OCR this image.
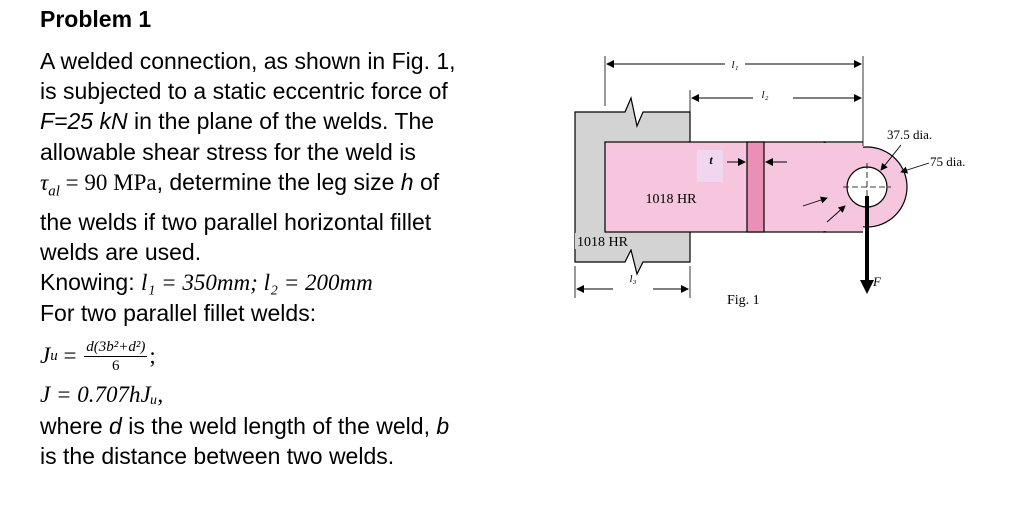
Problem 1
A welded connection, as shown in Fig. 1,
is subjected to a static eccentric force of
F=25 kN in the plane of the welds. The
allowable shear stress for the weld is
$\tau_{al} = 90$ MPa, determine the leg size h of
the welds if two parallel horizontal fillet
welds are used.
Knowing: l₁ = 350mm; l₂ = 200mm
For two parallel fillet welds:
J $u = \frac{\text{d(3b²+d²)}}{6}$ ;
J = 0.707hJᵤ,
where d is the weld length of the weld, b
is the distance between two welds.
l₁
l₂
t
1018 HR
1018 HR
l₃
37.5 dia.
75 dia.
F
Fig. 1
